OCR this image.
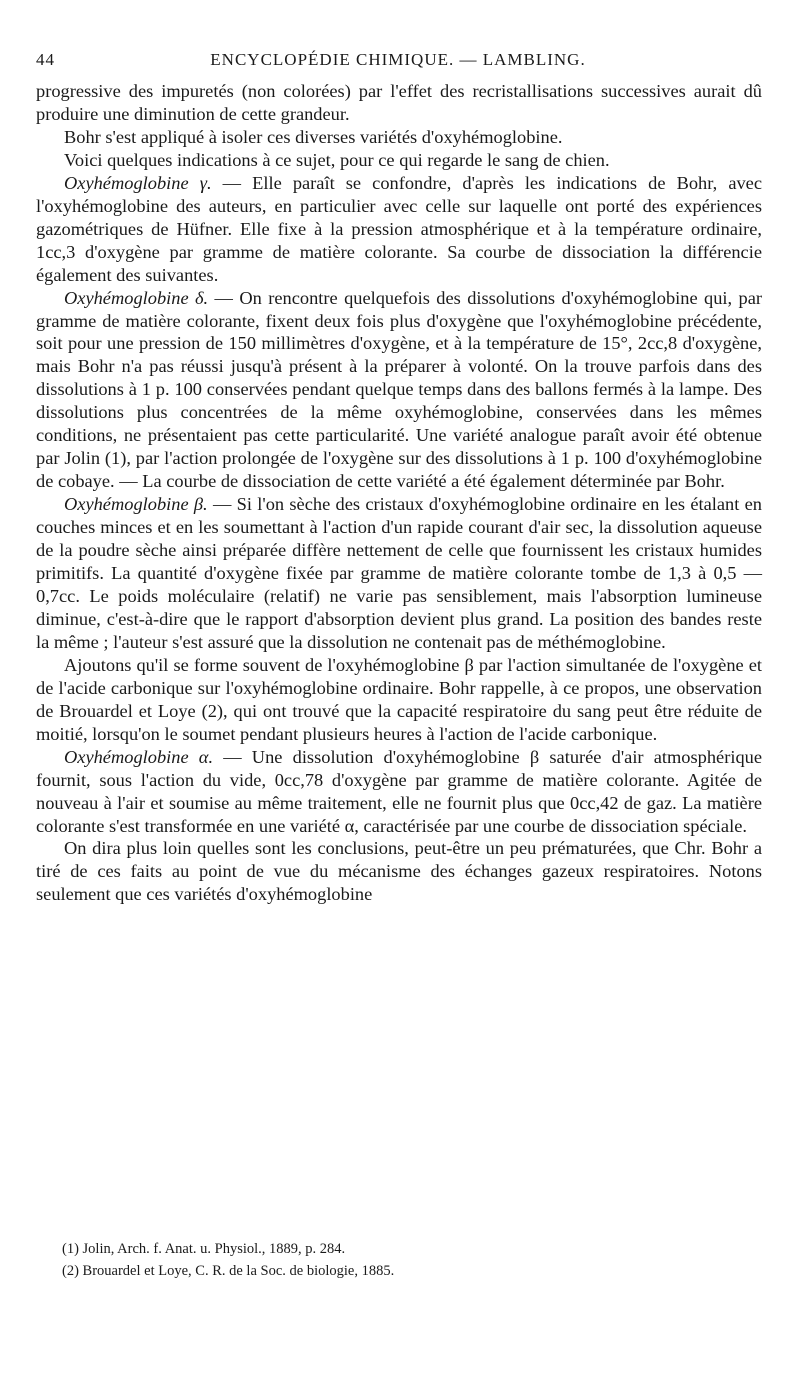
44	ENCYCLOPÉDIE CHIMIQUE. — LAMBLING.

progressive des impuretés (non colorées) par l'effet des recristallisations successives aurait dû produire une diminution de cette grandeur.

Bohr s'est appliqué à isoler ces diverses variétés d'oxyhémoglobine.

Voici quelques indications à ce sujet, pour ce qui regarde le sang de chien.

Oxyhémoglobine γ. — Elle paraît se confondre, d'après les indications de Bohr, avec l'oxyhémoglobine des auteurs, en particulier avec celle sur laquelle ont porté des expériences gazométriques de Hüfner. Elle fixe à la pression atmosphérique et à la température ordinaire, 1cc,3 d'oxygène par gramme de matière colorante. Sa courbe de dissociation la différencie également des suivantes.

Oxyhémoglobine δ. — On rencontre quelquefois des dissolutions d'oxyhémoglobine qui, par gramme de matière colorante, fixent deux fois plus d'oxygène que l'oxyhémoglobine précédente, soit pour une pression de 150 millimètres d'oxygène, et à la température de 15°, 2cc,8 d'oxygène, mais Bohr n'a pas réussi jusqu'à présent à la préparer à volonté. On la trouve parfois dans des dissolutions à 1 p. 100 conservées pendant quelque temps dans des ballons fermés à la lampe. Des dissolutions plus concentrées de la même oxyhémoglobine, conservées dans les mêmes conditions, ne présentaient pas cette particularité. Une variété analogue paraît avoir été obtenue par Jolin (1), par l'action prolongée de l'oxygène sur des dissolutions à 1 p. 100 d'oxyhémoglobine de cobaye. — La courbe de dissociation de cette variété a été également déterminée par Bohr.

Oxyhémoglobine β. — Si l'on sèche des cristaux d'oxyhémoglobine ordinaire en les étalant en couches minces et en les soumettant à l'action d'un rapide courant d'air sec, la dissolution aqueuse de la poudre sèche ainsi préparée diffère nettement de celle que fournissent les cristaux humides primitifs. La quantité d'oxygène fixée par gramme de matière colorante tombe de 1,3 à 0,5 — 0,7cc. Le poids moléculaire (relatif) ne varie pas sensiblement, mais l'absorption lumineuse diminue, c'est-à-dire que le rapport d'absorption devient plus grand. La position des bandes reste la même ; l'auteur s'est assuré que la dissolution ne contenait pas de méthémoglobine.

Ajoutons qu'il se forme souvent de l'oxyhémoglobine β par l'action simultanée de l'oxygène et de l'acide carbonique sur l'oxyhémoglobine ordinaire. Bohr rappelle, à ce propos, une observation de Brouardel et Loye (2), qui ont trouvé que la capacité respiratoire du sang peut être réduite de moitié, lorsqu'on le soumet pendant plusieurs heures à l'action de l'acide carbonique.

Oxyhémoglobine α. — Une dissolution d'oxyhémoglobine β saturée d'air atmosphérique fournit, sous l'action du vide, 0cc,78 d'oxygène par gramme de matière colorante. Agitée de nouveau à l'air et soumise au même traitement, elle ne fournit plus que 0cc,42 de gaz. La matière colorante s'est transformée en une variété α, caractérisée par une courbe de dissociation spéciale.

On dira plus loin quelles sont les conclusions, peut-être un peu prématurées, que Chr. Bohr a tiré de ces faits au point de vue du mécanisme des échanges gazeux respiratoires. Notons seulement que ces variétés d'oxyhémoglobine

(1) Jolin, Arch. f. Anat. u. Physiol., 1889, p. 284.
(2) Brouardel et Loye, C. R. de la Soc. de biologie, 1885.
